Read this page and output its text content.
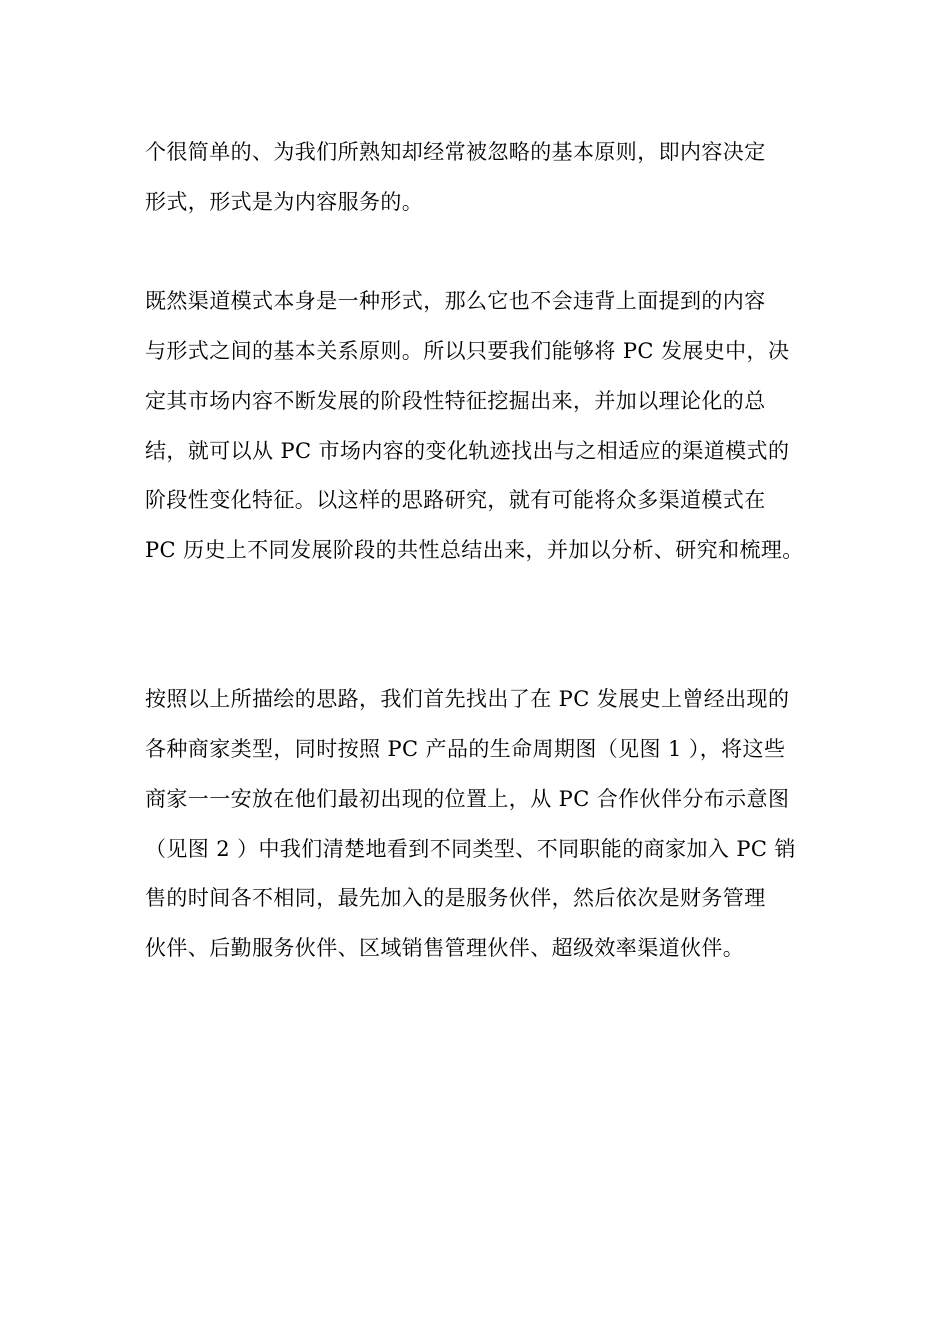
个很简单的、为我们所熟知却经常被忽略的基本原则，即内容决定
形式，形式是为内容服务的。
既然渠道模式本身是一种形式，那么它也不会违背上面提到的内容
与形式之间的基本关系原则。所以只要我们能够将 PC 发展史中，决
定其市场内容不断发展的阶段性特征挖掘出来，并加以理论化的总
结，就可以从 PC 市场内容的变化轨迹找出与之相适应的渠道模式的
阶段性变化特征。以这样的思路研究，就有可能将众多渠道模式在
PC 历史上不同发展阶段的共性总结出来，并加以分析、研究和梳理。
按照以上所描绘的思路，我们首先找出了在 PC 发展史上曾经出现的
各种商家类型，同时按照 PC 产品的生命周期图（见图 1 ），将这些
商家一一安放在他们最初出现的位置上，从 PC 合作伙伴分布示意图
（见图 2 ）中我们清楚地看到不同类型、不同职能的商家加入 PC 销
售的时间各不相同，最先加入的是服务伙伴，然后依次是财务管理
伙伴、后勤服务伙伴、区域销售管理伙伴、超级效率渠道伙伴。
